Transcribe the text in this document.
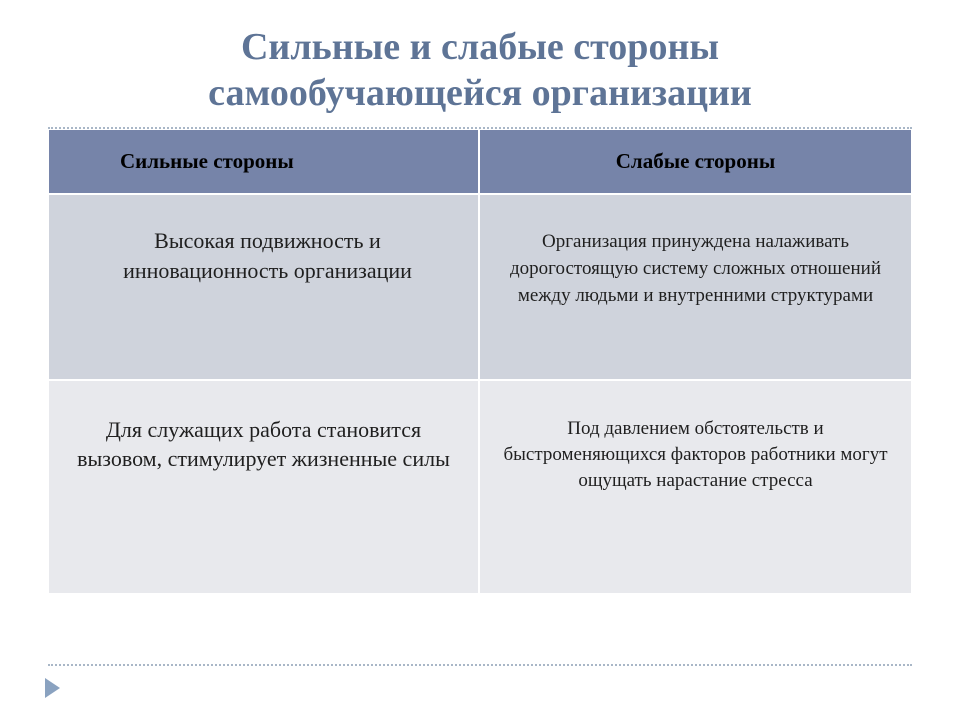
Сильные и слабые стороны
самообучающейся организации
Сильные стороны	Слабые стороны

Высокая подвижность и инновационность организации	Организация принуждена налаживать дорогостоящую систему сложных отношений между людьми и внутренними структурами

Для служащих работа становится вызовом, стимулирует жизненные силы	Под давлением обстоятельств и быстроменяющихся факторов работники могут ощущать нарастание стресса
